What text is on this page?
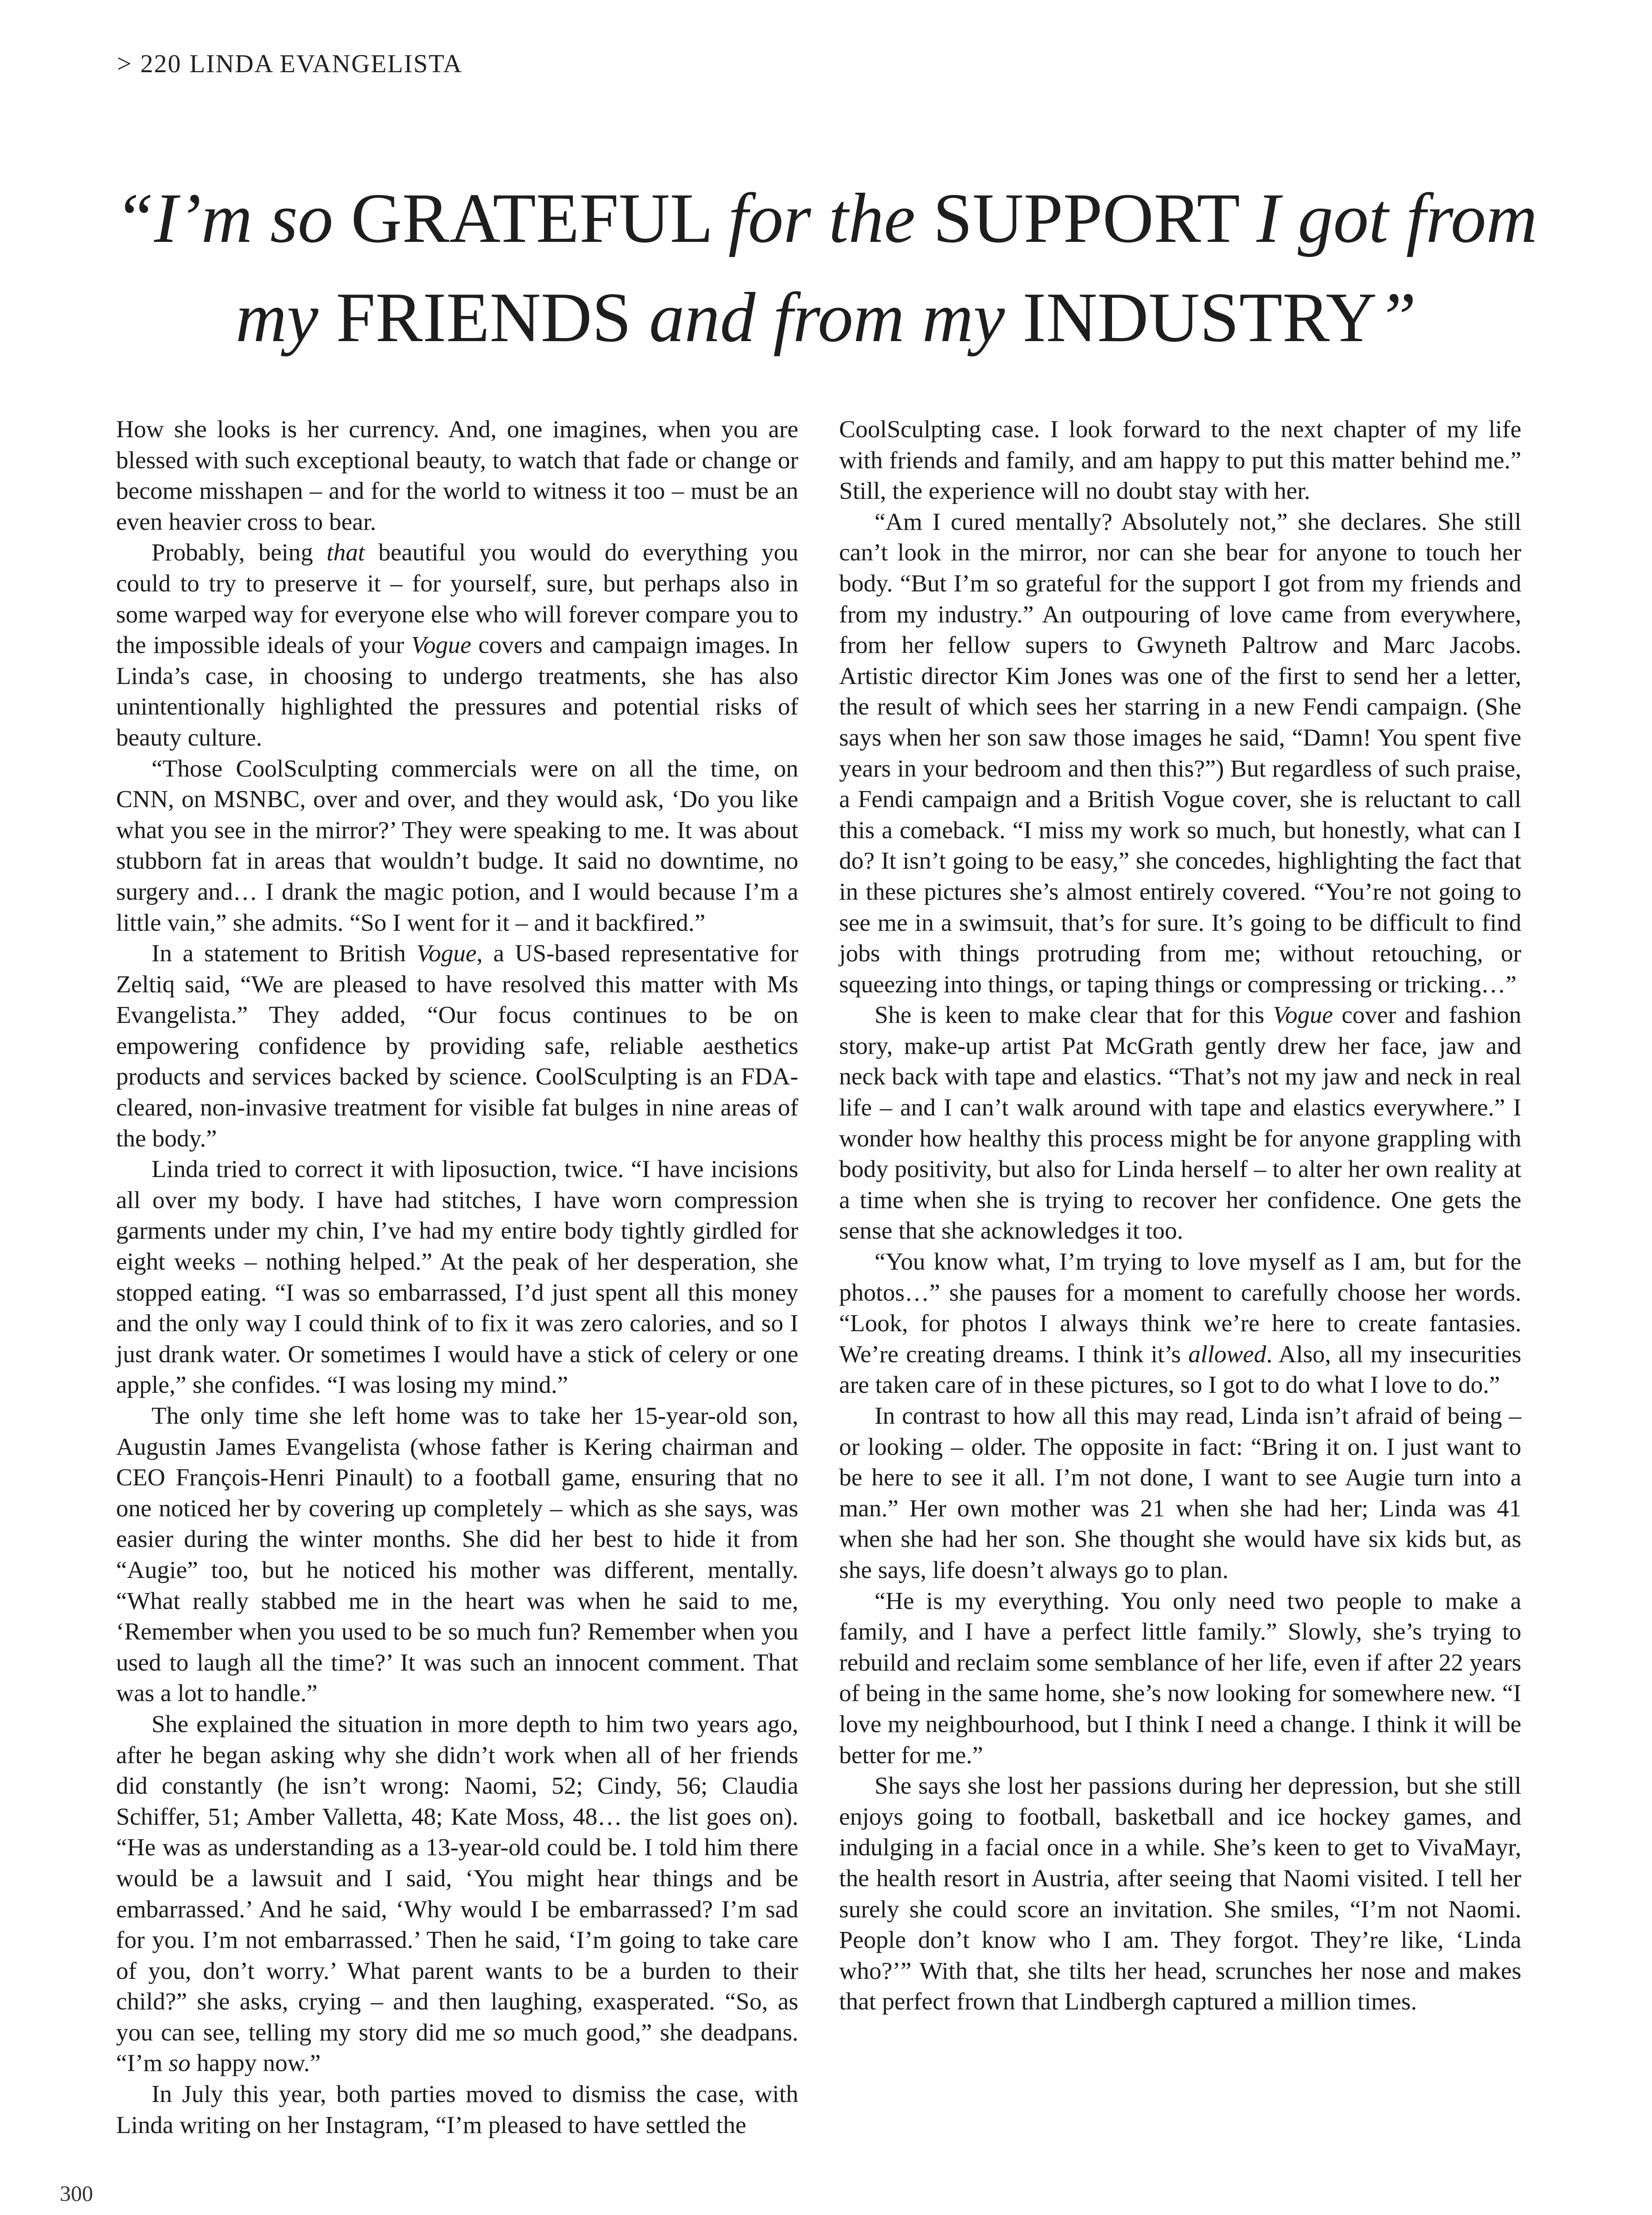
> 220 LINDA EVANGELISTA
“I’m so GRATEFUL for the SUPPORT I got from
my FRIENDS and from my INDUSTRY”

How she looks is her currency. And, one imagines, when you are blessed with such exceptional beauty, to watch that fade or change or become misshapen – and for the world to witness it too – must be an even heavier cross to bear.

Probably, being that beautiful you would do everything you could to try to preserve it – for yourself, sure, but perhaps also in some warped way for everyone else who will forever compare you to the impossible ideals of your Vogue covers and campaign images. In Linda’s case, in choosing to undergo treatments, she has also unintentionally highlighted the pressures and potential risks of beauty culture.

“Those CoolSculpting commercials were on all the time, on CNN, on MSNBC, over and over, and they would ask, ‘Do you like what you see in the mirror?’ They were speaking to me. It was about stubborn fat in areas that wouldn’t budge. It said no downtime, no surgery and… I drank the magic potion, and I would because I’m a little vain,” she admits. “So I went for it – and it backfired.”

In a statement to British Vogue, a US-based representative for Zeltiq said, “We are pleased to have resolved this matter with Ms Evangelista.” They added, “Our focus continues to be on empowering confidence by providing safe, reliable aesthetics products and services backed by science. CoolSculpting is an FDA-cleared, non-invasive treatment for visible fat bulges in nine areas of the body.”

Linda tried to correct it with liposuction, twice. “I have incisions all over my body. I have had stitches, I have worn compression garments under my chin, I’ve had my entire body tightly girdled for eight weeks – nothing helped.” At the peak of her desperation, she stopped eating. “I was so embarrassed, I’d just spent all this money and the only way I could think of to fix it was zero calories, and so I just drank water. Or sometimes I would have a stick of celery or one apple,” she confides. “I was losing my mind.”

The only time she left home was to take her 15-year-old son, Augustin James Evangelista (whose father is Kering chairman and CEO François-Henri Pinault) to a football game, ensuring that no one noticed her by covering up completely – which as she says, was easier during the winter months. She did her best to hide it from “Augie” too, but he noticed his mother was different, mentally. “What really stabbed me in the heart was when he said to me, ‘Remember when you used to be so much fun? Remember when you used to laugh all the time?’ It was such an innocent comment. That was a lot to handle.”

She explained the situation in more depth to him two years ago, after he began asking why she didn’t work when all of her friends did constantly (he isn’t wrong: Naomi, 52; Cindy, 56; Claudia Schiffer, 51; Amber Valletta, 48; Kate Moss, 48… the list goes on). “He was as understanding as a 13-year-old could be. I told him there would be a lawsuit and I said, ‘You might hear things and be embarrassed.’ And he said, ‘Why would I be embarrassed? I’m sad for you. I’m not embarrassed.’ Then he said, ‘I’m going to take care of you, don’t worry.’ What parent wants to be a burden to their child?” she asks, crying – and then laughing, exasperated. “So, as you can see, telling my story did me so much good,” she deadpans. “I’m so happy now.”

In July this year, both parties moved to dismiss the case, with Linda writing on her Instagram, “I’m pleased to have settled the

CoolSculpting case. I look forward to the next chapter of my life with friends and family, and am happy to put this matter behind me.” Still, the experience will no doubt stay with her.

“Am I cured mentally? Absolutely not,” she declares. She still can’t look in the mirror, nor can she bear for anyone to touch her body. “But I’m so grateful for the support I got from my friends and from my industry.” An outpouring of love came from everywhere, from her fellow supers to Gwyneth Paltrow and Marc Jacobs. Artistic director Kim Jones was one of the first to send her a letter, the result of which sees her starring in a new Fendi campaign. (She says when her son saw those images he said, “Damn! You spent five years in your bedroom and then this?”) But regardless of such praise, a Fendi campaign and a British Vogue cover, she is reluctant to call this a comeback. “I miss my work so much, but honestly, what can I do? It isn’t going to be easy,” she concedes, highlighting the fact that in these pictures she’s almost entirely covered. “You’re not going to see me in a swimsuit, that’s for sure. It’s going to be difficult to find jobs with things protruding from me; without retouching, or squeezing into things, or taping things or compressing or tricking…”

She is keen to make clear that for this Vogue cover and fashion story, make-up artist Pat McGrath gently drew her face, jaw and neck back with tape and elastics. “That’s not my jaw and neck in real life – and I can’t walk around with tape and elastics everywhere.” I wonder how healthy this process might be for anyone grappling with body positivity, but also for Linda herself – to alter her own reality at a time when she is trying to recover her confidence. One gets the sense that she acknowledges it too.

“You know what, I’m trying to love myself as I am, but for the photos…” she pauses for a moment to carefully choose her words. “Look, for photos I always think we’re here to create fantasies. We’re creating dreams. I think it’s allowed. Also, all my insecurities are taken care of in these pictures, so I got to do what I love to do.”

In contrast to how all this may read, Linda isn’t afraid of being – or looking – older. The opposite in fact: “Bring it on. I just want to be here to see it all. I’m not done, I want to see Augie turn into a man.” Her own mother was 21 when she had her; Linda was 41 when she had her son. She thought she would have six kids but, as she says, life doesn’t always go to plan.

“He is my everything. You only need two people to make a family, and I have a perfect little family.” Slowly, she’s trying to rebuild and reclaim some semblance of her life, even if after 22 years of being in the same home, she’s now looking for somewhere new. “I love my neighbourhood, but I think I need a change. I think it will be better for me.”

She says she lost her passions during her depression, but she still enjoys going to football, basketball and ice hockey games, and indulging in a facial once in a while. She’s keen to get to VivaMayr, the health resort in Austria, after seeing that Naomi visited. I tell her surely she could score an invitation. She smiles, “I’m not Naomi. People don’t know who I am. They forgot. They’re like, ‘Linda who?’” With that, she tilts her head, scrunches her nose and makes that perfect frown that Lindbergh captured a million times.

300
